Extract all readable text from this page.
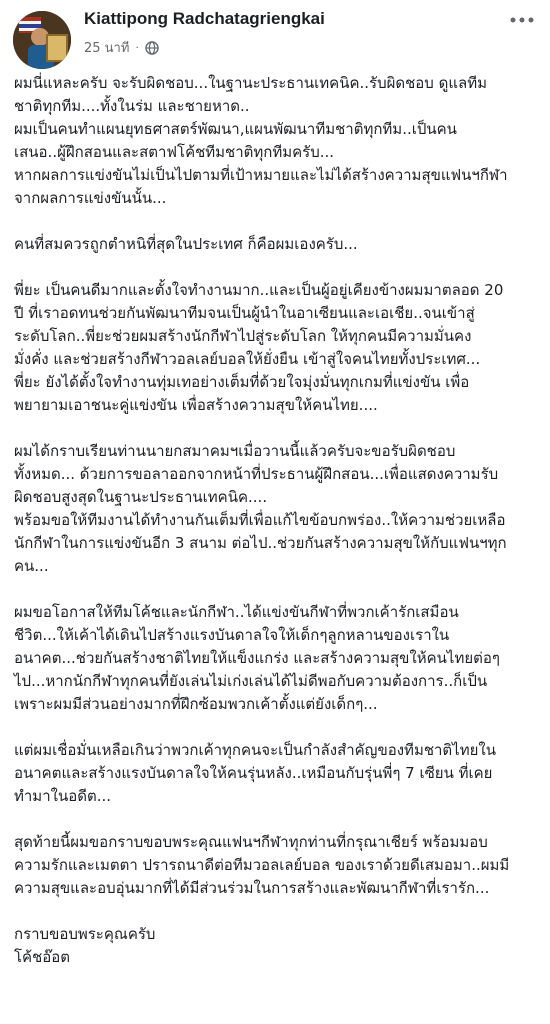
Kiattipong Radchatagriengkai
25 นาที ·

ผมนี่แหละครับ จะรับผิดชอบ...ในฐานะประธานเทคนิค..รับผิดชอบ ดูแลทีม
ชาติทุกทีม....ทั้งในร่ม และชายหาด..
ผมเป็นคนทำแผนยุทธศาสตร์พัฒนา,แผนพัฒนาทีมชาติทุกทีม..เป็นคน
เสนอ..ผู้ฝึกสอนและสตาฟโค้ชทีมชาติทุกทีมครับ...
หากผลการแข่งขันไม่เป็นไปตามที่เป้าหมายและไม่ได้สร้างความสุขแฟนฯกีฬา
จากผลการแข่งขันนั้น...

คนที่สมควรถูกตำหนิที่สุดในประเทศ ก็คือผมเองครับ...

พี่ยะ เป็นคนดีมากและตั้งใจทำงานมาก..และเป็นผู้อยู่เคียงข้างผมมาตลอด 20
ปี ที่เราอดทนช่วยกันพัฒนาทีมจนเป็นผู้นำในอาเซียนและเอเชีย..จนเข้าสู่
ระดับโลก..พี่ยะช่วยผมสร้างนักกีฬาไปสู่ระดับโลก ให้ทุกคนมีความมั่นคง
มั่งคั่ง และช่วยสร้างกีฬาวอลเลย์บอลให้ยั่งยืน เข้าสู่ใจคนไทยทั้งประเทศ...
พี่ยะ ยังได้ตั้งใจทำงานทุ่มเทอย่างเต็มที่ด้วยใจมุ่งมั่นทุกเกมที่แข่งขัน เพื่อ
พยายามเอาชนะคู่แข่งขัน เพื่อสร้างความสุขให้คนไทย....

ผมได้กราบเรียนท่านนายกสมาคมฯเมื่อวานนี้แล้วครับจะขอรับผิดชอบ
ทั้งหมด... ด้วยการขอลาออกจากหน้าที่ประธานผู้ฝึกสอน...เพื่อแสดงความรับ
ผิดชอบสูงสุดในฐานะประธานเทคนิค....
พร้อมขอให้ทีมงานได้ทำงานกันเต็มที่เพื่อแก้ไขข้อบกพร่อง..ให้ความช่วยเหลือ
นักกีฬาในการแข่งขันอีก 3 สนาม ต่อไป..ช่วยกันสร้างความสุขให้กับแฟนฯทุก
คน...

ผมขอโอกาสให้ทีมโค้ชและนักกีฬา..ได้แข่งขันกีฬาที่พวกเค้ารักเสมือน
ชีวิต...ให้เค้าได้เดินไปสร้างแรงบันดาลใจให้เด็กๆลูกหลานของเราใน
อนาคต...ช่วยกันสร้างชาติไทยให้แข็งแกร่ง และสร้างความสุขให้คนไทยต่อๆ
ไป...หากนักกีฬาทุกคนที่ยังเล่นไม่เก่งเล่นได้ไม่ดีพอกับความต้องการ..ก็เป็น
เพราะผมมีส่วนอย่างมากที่ฝึกซ้อมพวกเค้าตั้งแต่ยังเด็กๆ...

แต่ผมเชื่อมั่นเหลือเกินว่าพวกเค้าทุกคนจะเป็นกำลังสำคัญของทีมชาติไทยใน
อนาคตและสร้างแรงบันดาลใจให้คนรุ่นหลัง..เหมือนกับรุ่นพี่ๆ 7 เซียน ที่เคย
ทำมาในอดีต...

สุดท้ายนี้ผมขอกราบขอบพระคุณแฟนฯกีฬาทุกท่านที่กรุณาเชียร์ พร้อมมอบ
ความรักและเมตตา ปรารถนาดีต่อทีมวอลเลย์บอล ของเราด้วยดีเสมอมา..ผมมี
ความสุขและอบอุ่นมากที่ได้มีส่วนร่วมในการสร้างและพัฒนากีฬาที่เรารัก...

กราบขอบพระคุณครับ
โค้ชอ๊อต
